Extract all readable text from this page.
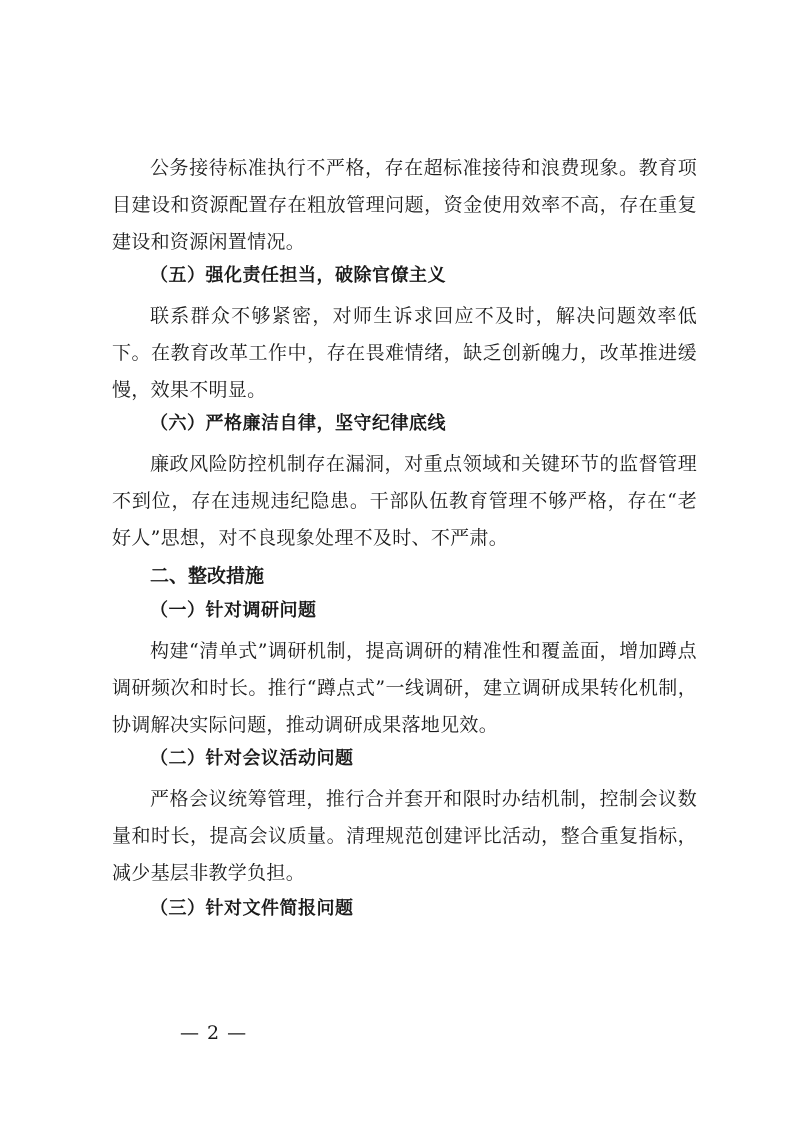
公务接待标准执行不严格，存在超标准接待和浪费现象。教育项目建设和资源配置存在粗放管理问题，资金使用效率不高，存在重复建设和资源闲置情况。

（五）强化责任担当，破除官僚主义

联系群众不够紧密，对师生诉求回应不及时，解决问题效率低下。在教育改革工作中，存在畏难情绪，缺乏创新魄力，改革推进缓慢，效果不明显。

（六）严格廉洁自律，坚守纪律底线

廉政风险防控机制存在漏洞，对重点领域和关键环节的监督管理不到位，存在违规违纪隐患。干部队伍教育管理不够严格，存在“老好人”思想，对不良现象处理不及时、不严肃。

二、整改措施
（一）针对调研问题

构建“清单式”调研机制，提高调研的精准性和覆盖面，增加蹲点调研频次和时长。推行“蹲点式”一线调研，建立调研成果转化机制，协调解决实际问题，推动调研成果落地见效。

（二）针对会议活动问题

严格会议统筹管理，推行合并套开和限时办结机制，控制会议数量和时长，提高会议质量。清理规范创建评比活动，整合重复指标，减少基层非教学负担。

（三）针对文件简报问题
— 2 —
